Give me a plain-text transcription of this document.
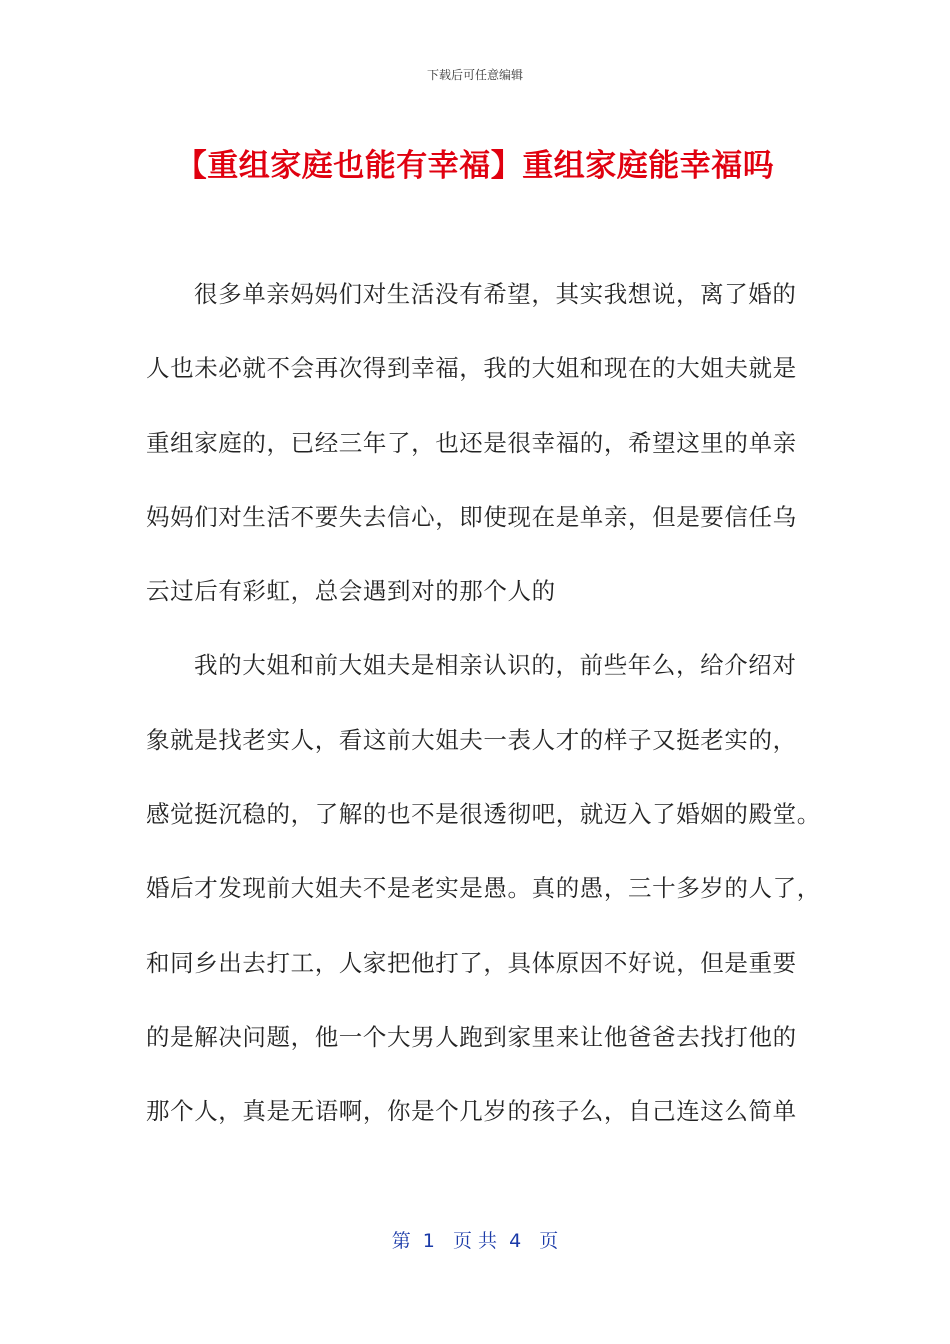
下载后可任意编辑
【重组家庭也能有幸福】重组家庭能幸福吗
很多单亲妈妈们对生活没有希望，其实我想说，离了婚的
人也未必就不会再次得到幸福，我的大姐和现在的大姐夫就是
重组家庭的，已经三年了，也还是很幸福的，希望这里的单亲
妈妈们对生活不要失去信心，即使现在是单亲，但是要信任乌
云过后有彩虹，总会遇到对的那个人的
我的大姐和前大姐夫是相亲认识的，前些年么，给介绍对
象就是找老实人，看这前大姐夫一表人才的样子又挺老实的，
感觉挺沉稳的，了解的也不是很透彻吧，就迈入了婚姻的殿堂。
婚后才发现前大姐夫不是老实是愚。真的愚，三十多岁的人了，
和同乡出去打工，人家把他打了，具体原因不好说，但是重要
的是解决问题，他一个大男人跑到家里来让他爸爸去找打他的
那个人，真是无语啊，你是个几岁的孩子么，自己连这么简单
第  1   页 共  4   页
